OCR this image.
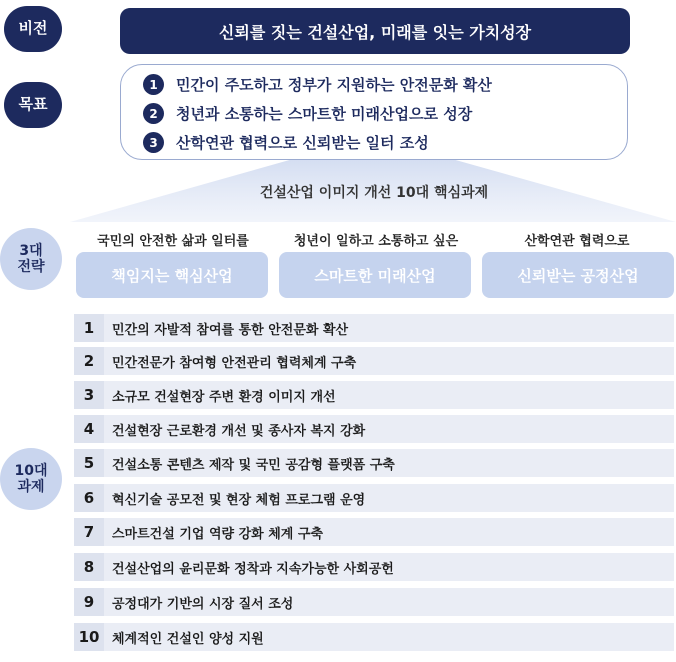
비전
목표
3대
전략
10대
과제
신뢰를 짓는 건설산업, 미래를 잇는 가치성장
1	민간이 주도하고 정부가 지원하는 안전문화 확산
2	청년과 소통하는 스마트한 미래산업으로 성장
3	산학연관 협력으로 신뢰받는 일터 조성
건설산업 이미지 개선 10대 핵심과제
국민의 안전한 삶과 일터를
책임지는 핵심산업
청년이 일하고 소통하고 싶은
스마트한 미래산업
산학연관 협력으로
신뢰받는 공정산업
1	민간의 자발적 참여를 통한 안전문화 확산
2	민간전문가 참여형 안전관리 협력체계 구축
3	소규모 건설현장 주변 환경 이미지 개선
4	건설현장 근로환경 개선 및 종사자 복지 강화
5	건설소통 콘텐츠 제작 및 국민 공감형 플랫폼 구축
6	혁신기술 공모전 및 현장 체험 프로그램 운영
7	스마트건설 기업 역량 강화 체계 구축
8	건설산업의 윤리문화 정착과 지속가능한 사회공헌
9	공정대가 기반의 시장 질서 조성
10 체계적인 건설인 양성 지원
